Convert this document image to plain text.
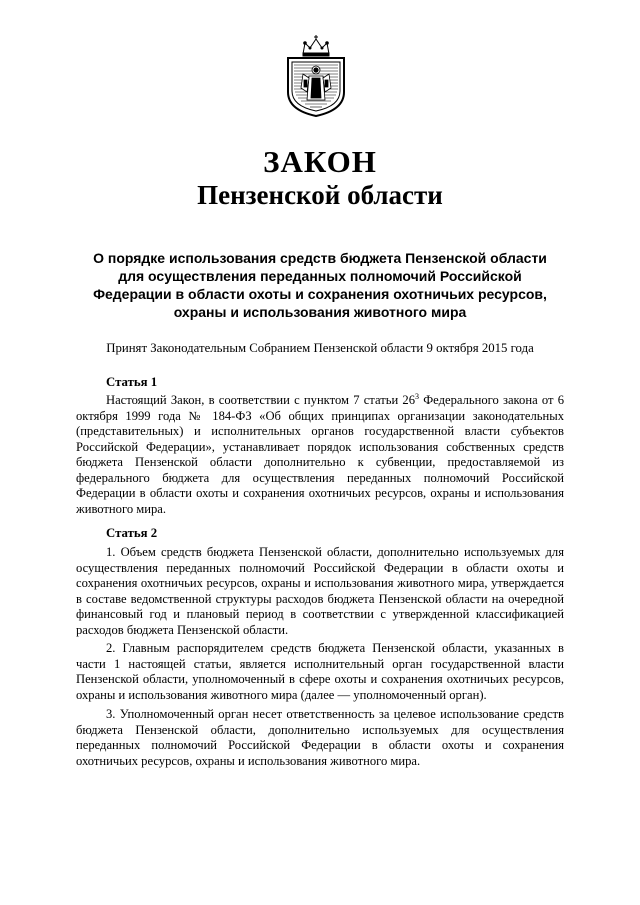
ЗАКОН
Пензенской области

О порядке использования средств бюджета Пензенской области для осуществления переданных полномочий Российской Федерации в области охоты и сохранения охотничьих ресурсов, охраны и использования животного мира

Принят Законодательным Собранием Пензенской области 9 октября 2015 года

Статья 1

Настоящий Закон, в соответствии с пунктом 7 статьи $26^3$ Федерального закона от 6 октября 1999 года № 184-ФЗ «Об общих принципах организации законодательных (представительных) и исполнительных органов государственной власти субъектов Российской Федерации», устанавливает порядок использования собственных средств бюджета Пензенской области дополнительно к субвенции, предоставляемой из федерального бюджета для осуществления переданных полномочий Российской Федерации в области охоты и сохранения охотничьих ресурсов, охраны и использования животного мира.

Статья 2

1. Объем средств бюджета Пензенской области, дополнительно используемых для осуществления переданных полномочий Российской Федерации в области охоты и сохранения охотничьих ресурсов, охраны и использования животного мира, утверждается в составе ведомственной структуры расходов бюджета Пензенской области на очередной финансовый год и плановый период в соответствии с утвержденной классификацией расходов бюджета Пензенской области.

2. Главным распорядителем средств бюджета Пензенской области, указанных в части 1 настоящей статьи, является исполнительный орган государственной власти Пензенской области, уполномоченный в сфере охоты и сохранения охотничьих ресурсов, охраны и использования животного мира (далее — уполномоченный орган).

3. Уполномоченный орган несет ответственность за целевое использование средств бюджета Пензенской области, дополнительно используемых для осуществления переданных полномочий Российской Федерации в области охоты и сохранения охотничьих ресурсов, охраны и использования животного мира.
